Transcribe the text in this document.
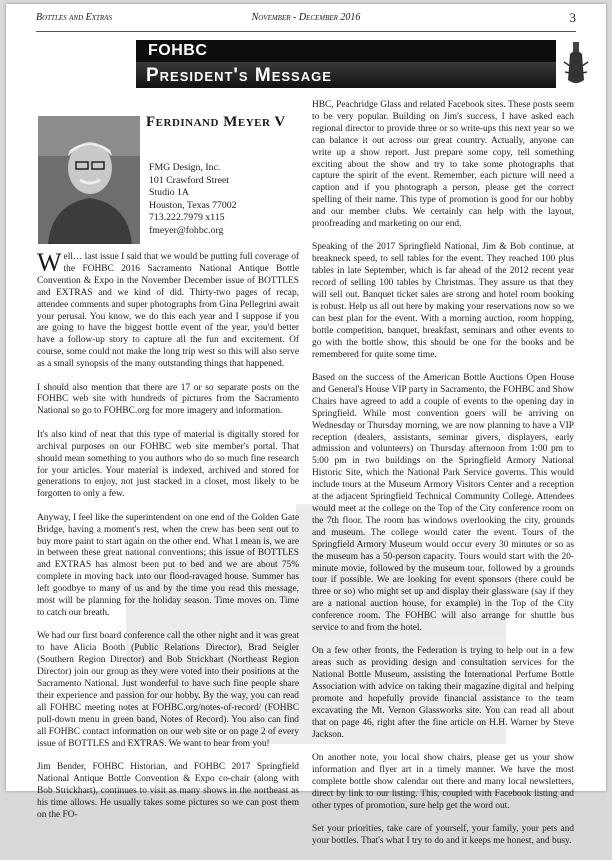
Bottles and Extras	November - December 2016	3
FOHBC
President's Message
Ferdinand Meyer V
FMG Design, Inc.
101 Crawford Street
Studio 1A
Houston, Texas 77002
713.222.7979 x115
fmeyer@fohbc.org

Well… last issue I said that we would be putting full coverage of the FOHBC 2016 Sacramento National Antique Bottle Convention & Expo in the November December issue of BOTTLES and EXTRAS and we kind of did. Thirty-two pages of recap, attendee comments and super photographs from Gina Pellegrini await your perusal. You know, we do this each year and I suppose if you are going to have the biggest bottle event of the year, you'd better have a follow-up story to capture all the fun and excitement. Of course, some could not make the long trip west so this will also serve as a small synopsis of the many outstanding things that happened.

I should also mention that there are 17 or so separate posts on the FOHBC web site with hundreds of pictures from the Sacramento National so go to FOHBC.org for more imagery and information.

It's also kind of neat that this type of material is digitally stored for archival purposes on our FOHBC web site member's portal. That should mean something to you authors who do so much fine research for your articles. Your material is indexed, archived and stored for generations to enjoy, not just stacked in a closet, most likely to be forgotten to only a few.

Anyway, I feel like the superintendent on one end of the Golden Gate Bridge, having a moment's rest, when the crew has been sent out to buy more paint to start again on the other end. What I mean is, we are in between these great national conventions; this issue of BOTTLES and EXTRAS has almost been put to bed and we are about 75% complete in moving back into our flood-ravaged house. Summer has left goodbye to many of us and by the time you read this message, most will be planning for the holiday season. Time moves on. Time to catch our breath.

We had our first board conference call the other night and it was great to have Alicia Booth (Public Relations Director), Brad Seigler (Southern Region Director) and Bob Strickhart (Northeast Region Director) join our group as they were voted into their positions at the Sacramento National. Just wonderful to have such fine people share their experience and passion for our hobby. By the way, you can read all FOHBC meeting notes at FOHBC.org/notes-of-record/ (FOHBC pull-down menu in green band, Notes of Record). You also can find all FOHBC contact information on our web site or on page 2 of every issue of BOTTLES and EXTRAS. We want to hear from you!

Jim Bender, FOHBC Historian, and FOHBC 2017 Springfield National Antique Bottle Convention & Expo co-chair (along with Bob Strickhart), continues to visit as many shows in the northeast as his time allows. He usually takes some pictures so we can post them on the FO-

HBC, Peachridge Glass and related Facebook sites. These posts seem to be very popular. Building on Jim's success, I have asked each regional director to provide three or so write-ups this next year so we can balance it out across our great country. Actually, anyone can write up a show report. Just prepare some copy, tell something exciting about the show and try to take some photographs that capture the spirit of the event. Remember, each picture will need a caption and if you photograph a person, please get the correct spelling of their name. This type of promotion is good for our hobby and our member clubs. We certainly can help with the layout, proofreading and marketing on our end.

Speaking of the 2017 Springfield National, Jim & Bob continue, at breakneck speed, to sell tables for the event. They reached 100 plus tables in late September, which is far ahead of the 2012 recent year record of selling 100 tables by Christmas. They assure us that they will sell out. Banquet ticket sales are strong and hotel room booking is robust. Help us all out here by making your reservations now so we can best plan for the event. With a morning auction, room hopping, bottle competition, banquet, breakfast, seminars and other events to go with the bottle show, this should be one for the books and be remembered for quite some time.

Based on the success of the American Bottle Auctions Open House and General's House VIP party in Sacramento, the FOHBC and Show Chairs have agreed to add a couple of events to the opening day in Springfield. While most convention goers will be arriving on Wednesday or Thursday morning, we are now planning to have a VIP reception (dealers, assistants, seminar givers, displayers, early admission and volunteers) on Thursday afternoon from 1:00 pm to 5:00 pm in two buildings on the Springfield Armory National Historic Site, which the National Park Service governs. This would include tours at the Museum Armory Visitors Center and a reception at the adjacent Springfield Technical Community College. Attendees would meet at the college on the Top of the City conference room on the 7th floor. The room has windows overlooking the city, grounds and museum. The college would cater the event. Tours of the Springfield Armory Museum would occur every 30 minutes or so as the museum has a 50-person capacity. Tours would start with the 20-minute movie, followed by the museum tour, followed by a grounds tour if possible. We are looking for event sponsors (there could be three or so) who might set up and display their glassware (say if they are a national auction house, for example) in the Top of the City conference room. The FOHBC will also arrange for shuttle bus service to and from the hotel.

On a few other fronts, the Federation is trying to help out in a few areas such as providing design and consultation services for the National Bottle Museum, assisting the International Perfume Bottle Association with advice on taking their magazine digital and helping promote and hopefully provide financial assistance to the team excavating the Mt. Vernon Glassworks site. You can read all about that on page 46, right after the fine article on H.H. Warner by Steve Jackson.

On another note, you local show chairs, please get us your show information and flyer art in a timely manner. We have the most complete bottle show calendar out there and many local newsletters, direct by link to our listing. This, coupled with Facebook listing and other types of promotion, sure help get the word out.

Set your priorities, take care of yourself, your family, your pets and your bottles. That's what I try to do and it keeps me honest, and busy.
